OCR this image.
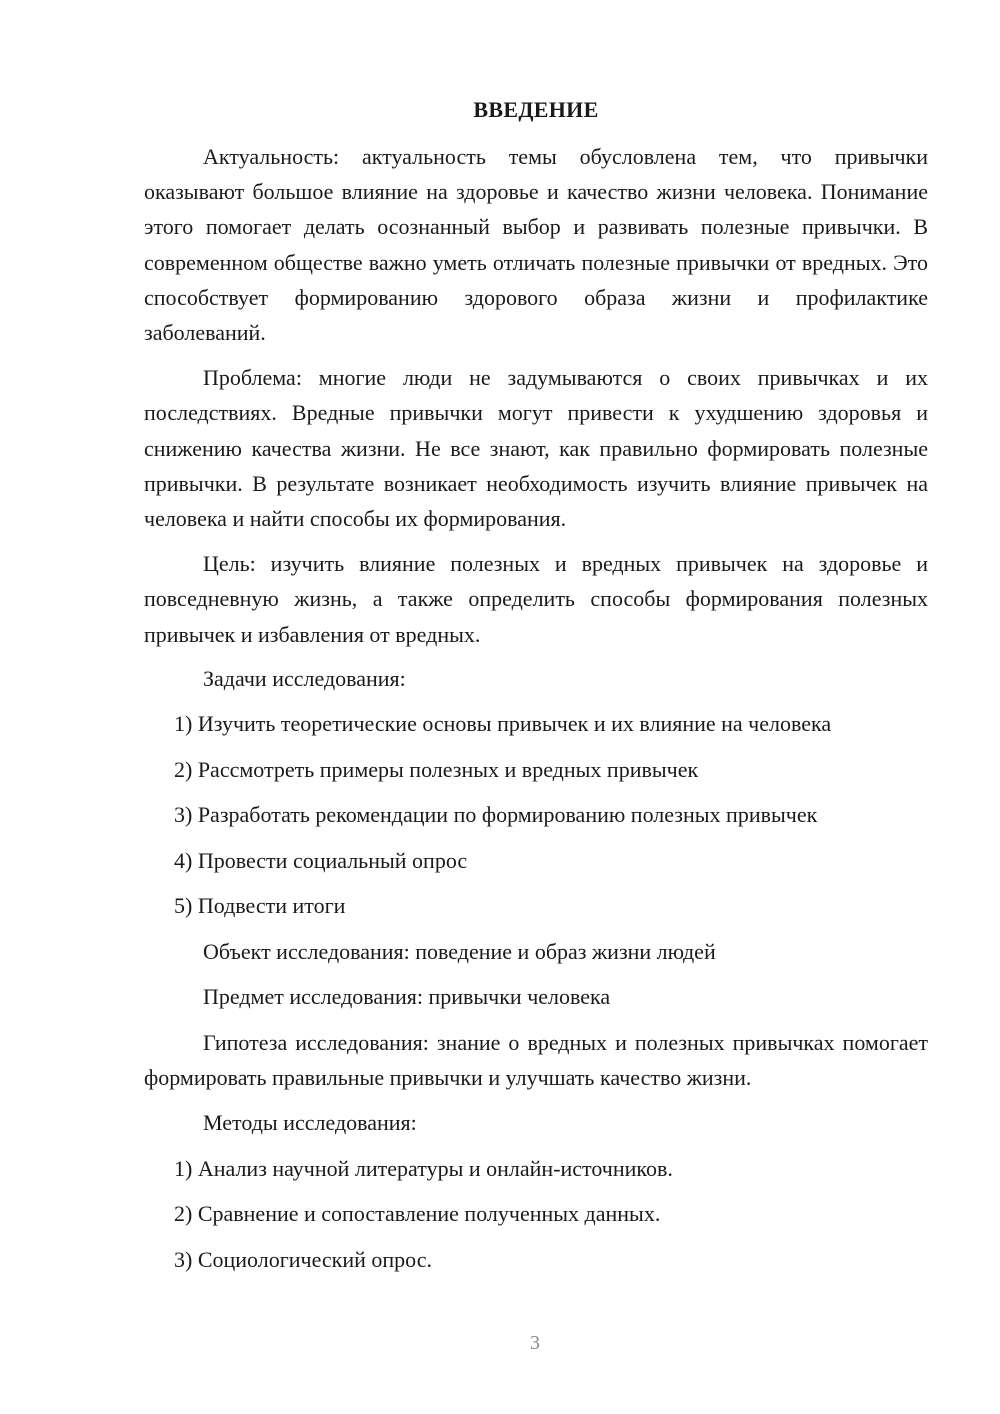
ВВЕДЕНИЕ

Актуальность: актуальность темы обусловлена тем, что привычки оказывают большое влияние на здоровье и качество жизни человека. Понимание этого помогает делать осознанный выбор и развивать полезные привычки. В современном обществе важно уметь отличать полезные привычки от вредных. Это способствует формированию здорового образа жизни и профилактике заболеваний.

Проблема: многие люди не задумываются о своих привычках и их последствиях. Вредные привычки могут привести к ухудшению здоровья и снижению качества жизни. Не все знают, как правильно формировать полезные привычки. В результате возникает необходимость изучить влияние привычек на человека и найти способы их формирования.

Цель: изучить влияние полезных и вредных привычек на здоровье и повседневную жизнь, а также определить способы формирования полезных привычек и избавления от вредных.

Задачи исследования:
1) Изучить теоретические основы привычек и их влияние на человека
2) Рассмотреть примеры полезных и вредных привычек
3) Разработать рекомендации по формированию полезных привычек
4) Провести социальный опрос
5) Подвести итоги
Объект исследования: поведение и образ жизни людей
Предмет исследования: привычки человека

Гипотеза исследования: знание о вредных и полезных привычках помогает формировать правильные привычки и улучшать качество жизни.

Методы исследования:
1) Анализ научной литературы и онлайн-источников.
2) Сравнение и сопоставление полученных данных.
3) Социологический опрос.
3
